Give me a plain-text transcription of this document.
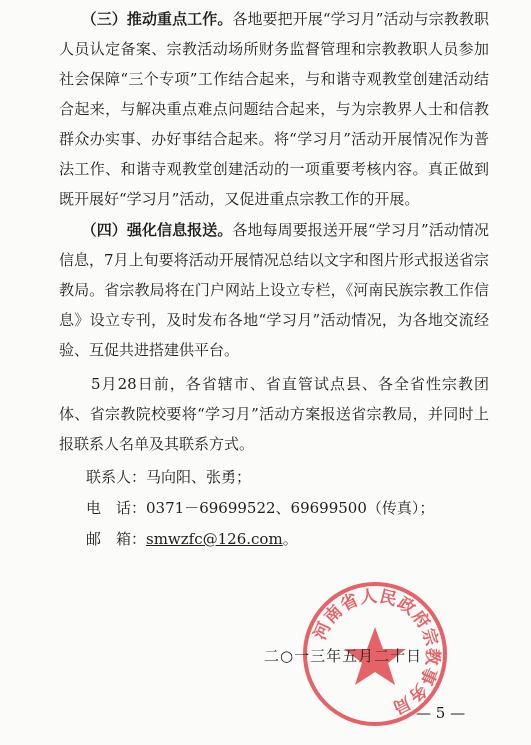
　　（三）推动重点工作。各地要把开展“学习月”活动与宗教教职人员认定备案、宗教活动场所财务监督管理和宗教教职人员参加社会保障“三个专项”工作结合起来，与和谐寺观教堂创建活动结合起来，与解决重点难点问题结合起来，与为宗教界人士和信教群众办实事、办好事结合起来。将“学习月”活动开展情况作为普法工作、和谐寺观教堂创建活动的一项重要考核内容。真正做到既开展好“学习月”活动，又促进重点宗教工作的开展。

　　（四）强化信息报送。各地每周要报送开展“学习月”活动情况信息，7月上旬要将活动开展情况总结以文字和图片形式报送省宗教局。省宗教局将在门户网站上设立专栏，《河南民族宗教工作信息》设立专刊，及时发布各地“学习月”活动情况，为各地交流经验、互促共进搭建供平台。

　　5月28日前，各省辖市、省直管试点县、各全省性宗教团体、省宗教院校要将“学习月”活动方案报送省宗教局，并同时上报联系人名单及其联系方式。

联系人：马向阳、张勇；
电　话：0371－69699522、69699500（传真）；
邮　箱：smwzfc@126.com。
河南省人民政府宗教事务局
二○一三年五月二十日
— 5 —
